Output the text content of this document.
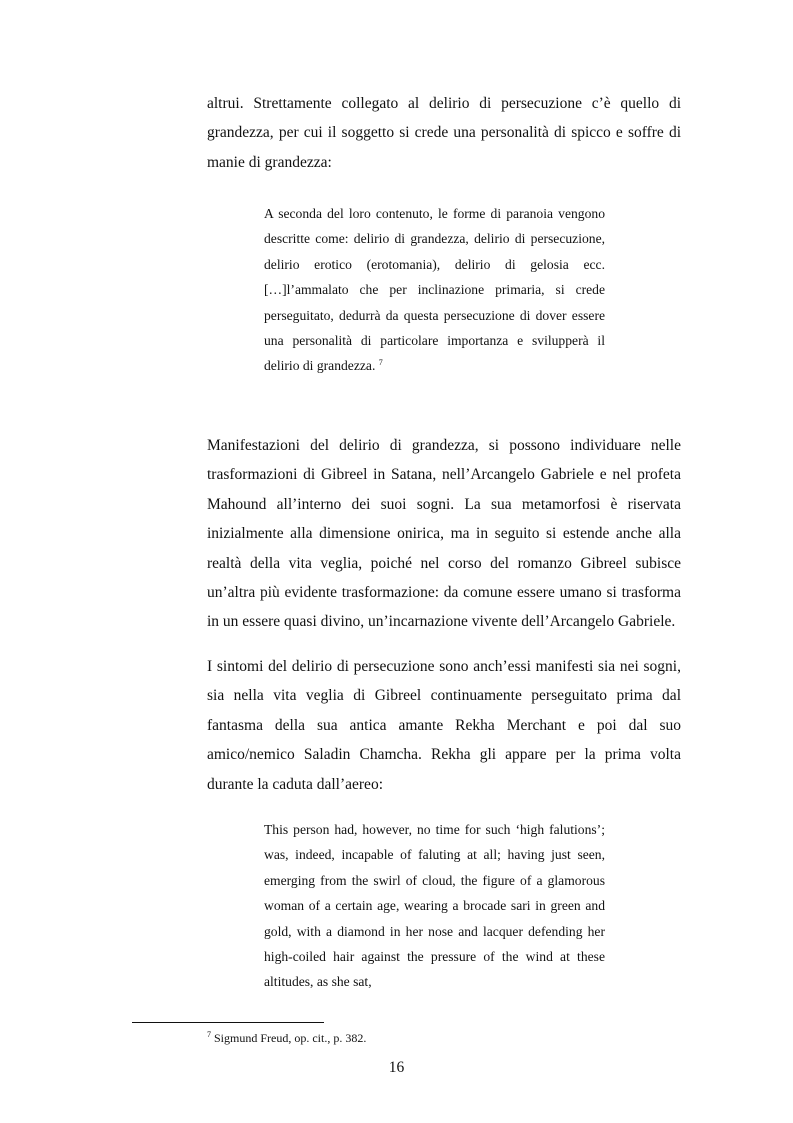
altrui. Strettamente collegato al delirio di persecuzione c’è quello di grandezza, per cui il soggetto si crede una personalità di spicco e soffre di manie di grandezza:

A seconda del loro contenuto, le forme di paranoia vengono descritte come: delirio di grandezza, delirio di persecuzione, delirio erotico (erotomania), delirio di gelosia ecc. […]l’ammalato che per inclinazione primaria, si crede perseguitato, dedurrà da questa persecuzione di dover essere una personalità di particolare importanza e svilupperà il delirio di grandezza. $^7$

Manifestazioni del delirio di grandezza, si possono individuare nelle trasformazioni di Gibreel in Satana, nell’Arcangelo Gabriele e nel profeta Mahound all’interno dei suoi sogni. La sua metamorfosi è riservata inizialmente alla dimensione onirica, ma in seguito si estende anche alla realtà della vita veglia, poiché nel corso del romanzo Gibreel subisce un’altra più evidente trasformazione: da comune essere umano si trasforma in un essere quasi divino, un’incarnazione vivente dell’Arcangelo Gabriele.

I sintomi del delirio di persecuzione sono anch’essi manifesti sia nei sogni, sia nella vita veglia di Gibreel continuamente perseguitato prima dal fantasma della sua antica amante Rekha Merchant e poi dal suo amico/nemico Saladin Chamcha. Rekha gli appare per la prima volta durante la caduta dall’aereo:

This person had, however, no time for such ‘high falutions’; was, indeed, incapable of faluting at all; having just seen, emerging from the swirl of cloud, the figure of a glamorous woman of a certain age, wearing a brocade sari in green and gold, with a diamond in her nose and lacquer defending her high-coiled hair against the pressure of the wind at these altitudes, as she sat,

$^7$ Sigmund Freud, op. cit., p. 382.

16
